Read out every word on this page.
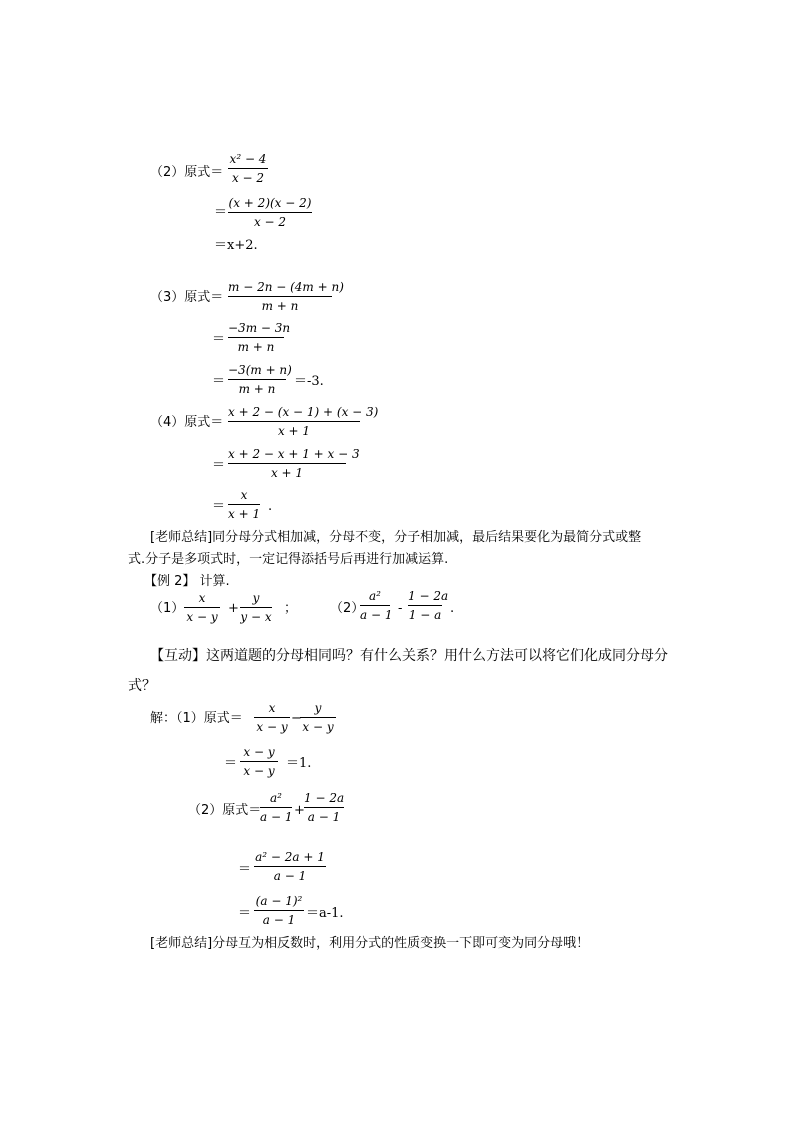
（2）原式＝
x² − 4
x − 2
＝
(x + 2)(x − 2)
x − 2
＝x+2.
（3）原式＝
m − 2n − (4m + n)
m + n
＝
−3m − 3n
m + n
＝
−3(m + n)
m + n	＝-3.
（4）原式＝
x + 2 − (x − 1) + (x − 3)
x + 1
＝
x + 2 − x + 1 + x − 3
x + 1
＝
x
x + 1 .
[老师总结]同分母分式相加减，分母不变，分子相加减，最后结果要化为最简分式或整
式.分子是多项式时，一定记得添括号后再进行加减运算.
【例 2】 计算.
（1）
x
x − y
+
y
y − x
；	（2）
a²
a − 1 -
1 − 2a
1 − a .
【互动】这两道题的分母相同吗？有什么关系？用什么方法可以将它们化成同分母分
式？
解：（1）原式＝
x
x − y
−
y
x − y
＝
x − y
x − y ＝1.
（2）原式＝
a²
a − 1 +
1 − 2a
a − 1
＝
a² − 2a + 1
a − 1
＝
(a − 1)²
a − 1 ＝a-1.
[老师总结]分母互为相反数时，利用分式的性质变换一下即可变为同分母哦！
